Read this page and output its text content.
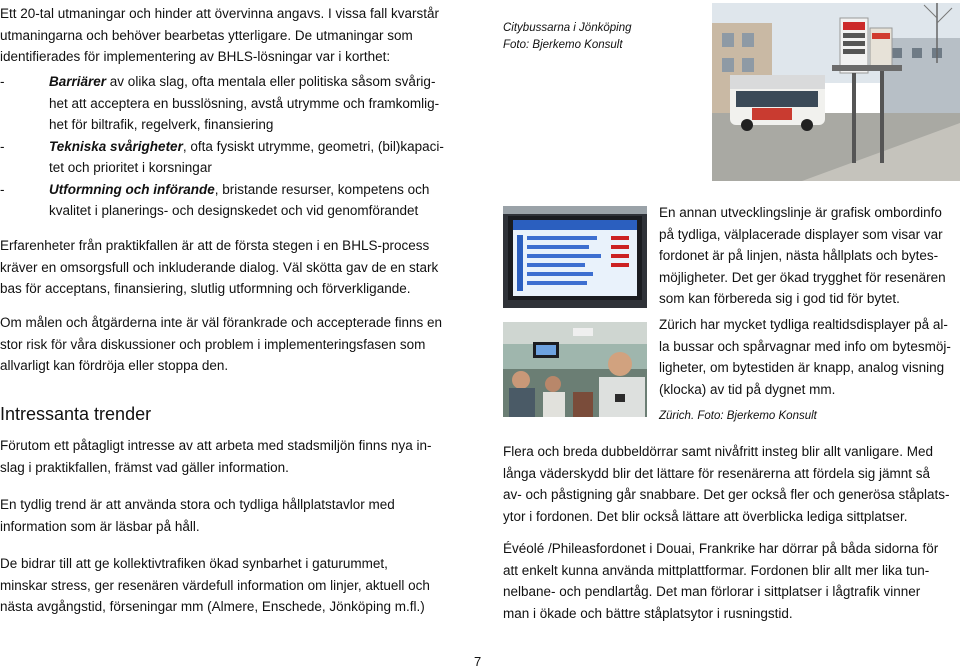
Ett 20-tal utmaningar och hinder att övervinna angavs. I vissa fall kvarstår

utmaningarna och behöver bearbetas ytterligare. De utmaningar som

identifierades för implementering av BHLS-lösningar var i korthet:

-	Barriärer av olika slag, ofta mentala eller politiska såsom svårig-
het att acceptera en busslösning, avstå utrymme och framkomlig-
het för biltrafik, regelverk, finansiering
-	Tekniska svårigheter, ofta fysiskt utrymme, geometri, (bil)kapaci-
tet och prioritet i korsningar
-	Utformning och införande, bristande resurser, kompetens och
kvalitet i planerings- och designskedet och vid genomförandet

Erfarenheter från praktikfallen är att de första stegen i en BHLS-process

kräver en omsorgsfull och inkluderande dialog. Väl skötta gav de en stark

bas för acceptans, finansiering, slutlig utformning och förverkligande.

Om målen och åtgärderna inte är väl förankrade och accepterade finns en

stor risk för våra diskussioner och problem i implementeringsfasen som

allvarligt kan fördröja eller stoppa den.

Intressanta trender

Förutom ett påtagligt intresse av att arbeta med stadsmiljön finns nya in-

slag i praktikfallen, främst vad gäller information.

En tydlig trend är att använda stora och tydliga hållplatstavlor med

information som är läsbar på håll.

De bidrar till att ge kollektivtrafiken ökad synbarhet i gaturummet,

minskar stress, ger resenären värdefull information om linjer, aktuell och

nästa avgångstid, förseningar mm (Almere, Enschede, Jönköping m.fl.)

Citybussarna i Jönköping
Foto: Bjerkemo Konsult

En annan utvecklingslinje är grafisk ombordinfo

på tydliga, välplacerade displayer som visar var

fordonet är på linjen, nästa hållplats och bytes-

möjligheter. Det ger ökad trygghet för resenären

som kan förbereda sig i god tid för bytet.

Zürich har mycket tydliga realtidsdisplayer på al-

la bussar och spårvagnar med info om bytesmöj-

ligheter, om bytestiden är knapp, analog visning

(klocka) av tid på dygnet mm.

Zürich. Foto: Bjerkemo Konsult

Flera och breda dubbeldörrar samt nivåfritt insteg blir allt vanligare. Med

långa väderskydd blir det lättare för resenärerna att fördela sig jämnt så

av- och påstigning går snabbare. Det ger också fler och generösa ståplats-

ytor i fordonen. Det blir också lättare att överblicka lediga sittplatser.

Évéolé /Phileasfordonet i Douai, Frankrike har dörrar på båda sidorna för

att enkelt kunna använda mittplattformar. Fordonen blir allt mer lika tun-

nelbane- och pendlartåg. Det man förlorar i sittplatser i lågtrafik vinner

man i ökade och bättre ståplatsytor i rusningstid.

7
